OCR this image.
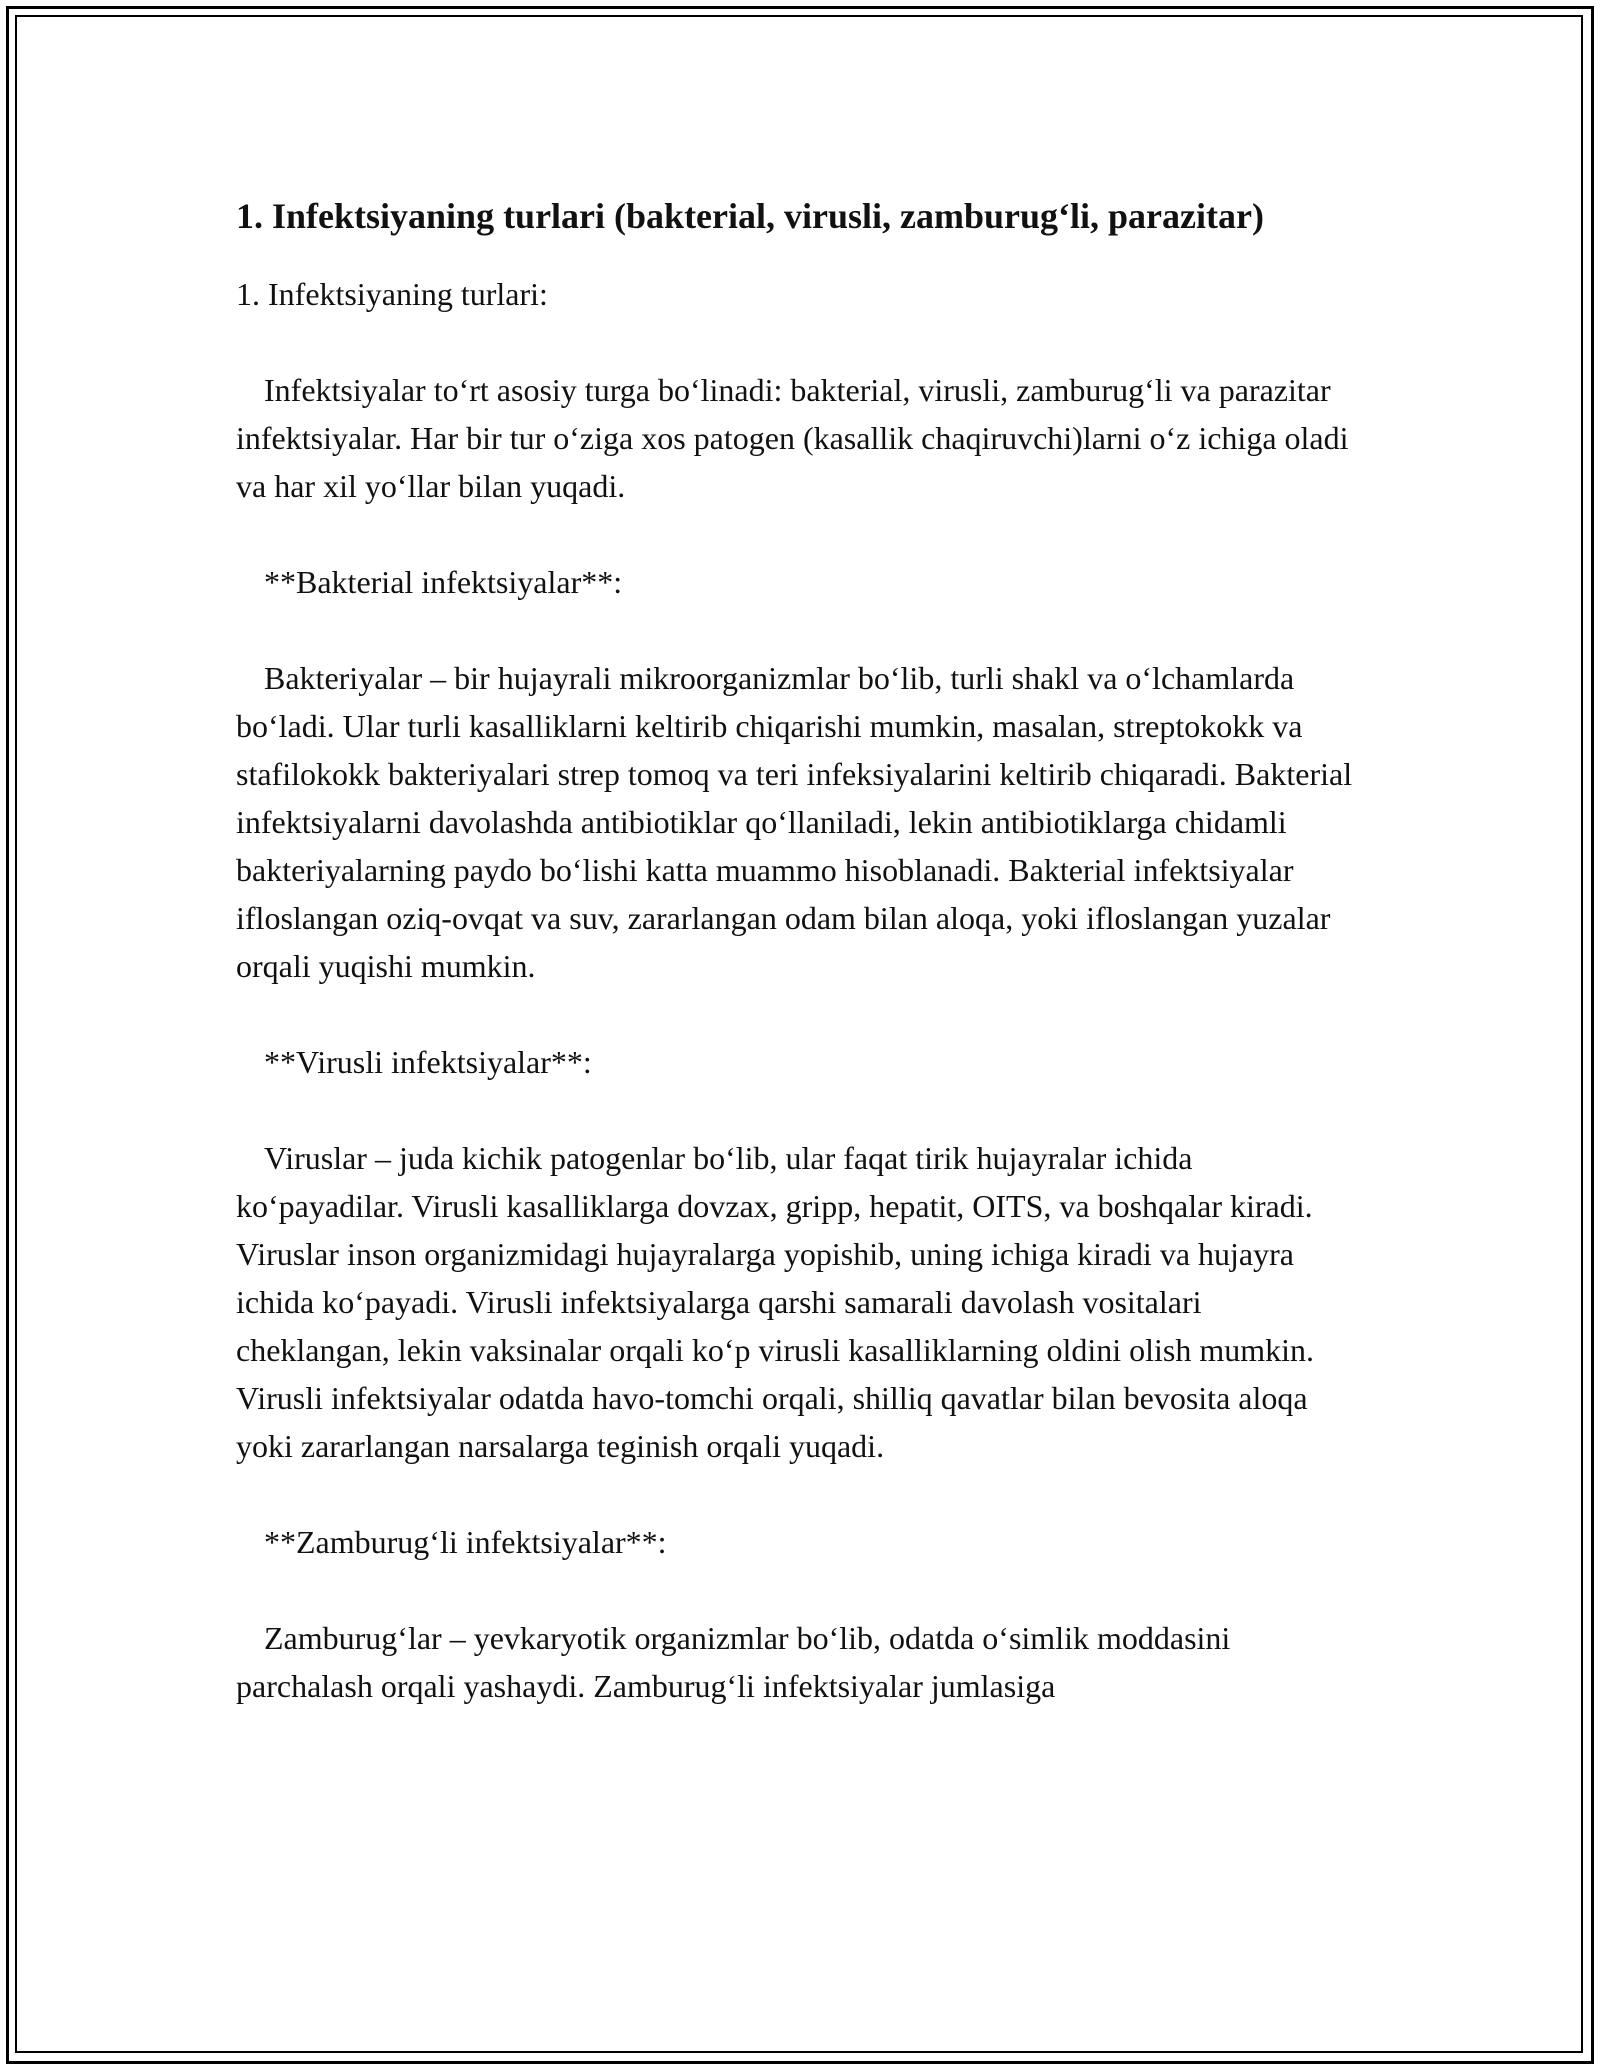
1. Infektsiyaning turlari (bakterial, virusli, zamburug‘li, parazitar)

1. Infektsiyaning turlari:

Infektsiyalar to‘rt asosiy turga bo‘linadi: bakterial, virusli, zamburug‘li va parazitar infektsiyalar. Har bir tur o‘ziga xos patogen (kasallik chaqiruvchi)larni o‘z ichiga oladi va har xil yo‘llar bilan yuqadi.

**Bakterial infektsiyalar**:

Bakteriyalar – bir hujayrali mikroorganizmlar bo‘lib, turli shakl va o‘lchamlarda bo‘ladi. Ular turli kasalliklarni keltirib chiqarishi mumkin, masalan, streptokokk va stafilokokk bakteriyalari strep tomoq va teri infeksiyalarini keltirib chiqaradi. Bakterial infektsiyalarni davolashda antibiotiklar qo‘llaniladi, lekin antibiotiklarga chidamli bakteriyalarning paydo bo‘lishi katta muammo hisoblanadi. Bakterial infektsiyalar ifloslangan oziq-ovqat va suv, zararlangan odam bilan aloqa, yoki ifloslangan yuzalar orqali yuqishi mumkin.

**Virusli infektsiyalar**:

Viruslar – juda kichik patogenlar bo‘lib, ular faqat tirik hujayralar ichida ko‘payadilar. Virusli kasalliklarga dovzax, gripp, hepatit, OITS, va boshqalar kiradi. Viruslar inson organizmidagi hujayralarga yopishib, uning ichiga kiradi va hujayra ichida ko‘payadi. Virusli infektsiyalarga qarshi samarali davolash vositalari cheklangan, lekin vaksinalar orqali ko‘p virusli kasalliklarning oldini olish mumkin. Virusli infektsiyalar odatda havo-tomchi orqali, shilliq qavatlar bilan bevosita aloqa yoki zararlangan narsalarga teginish orqali yuqadi.

**Zamburug‘li infektsiyalar**:

Zamburug‘lar – yevkaryotik organizmlar bo‘lib, odatda o‘simlik moddasini parchalash orqali yashaydi. Zamburug‘li infektsiyalar jumlasiga
